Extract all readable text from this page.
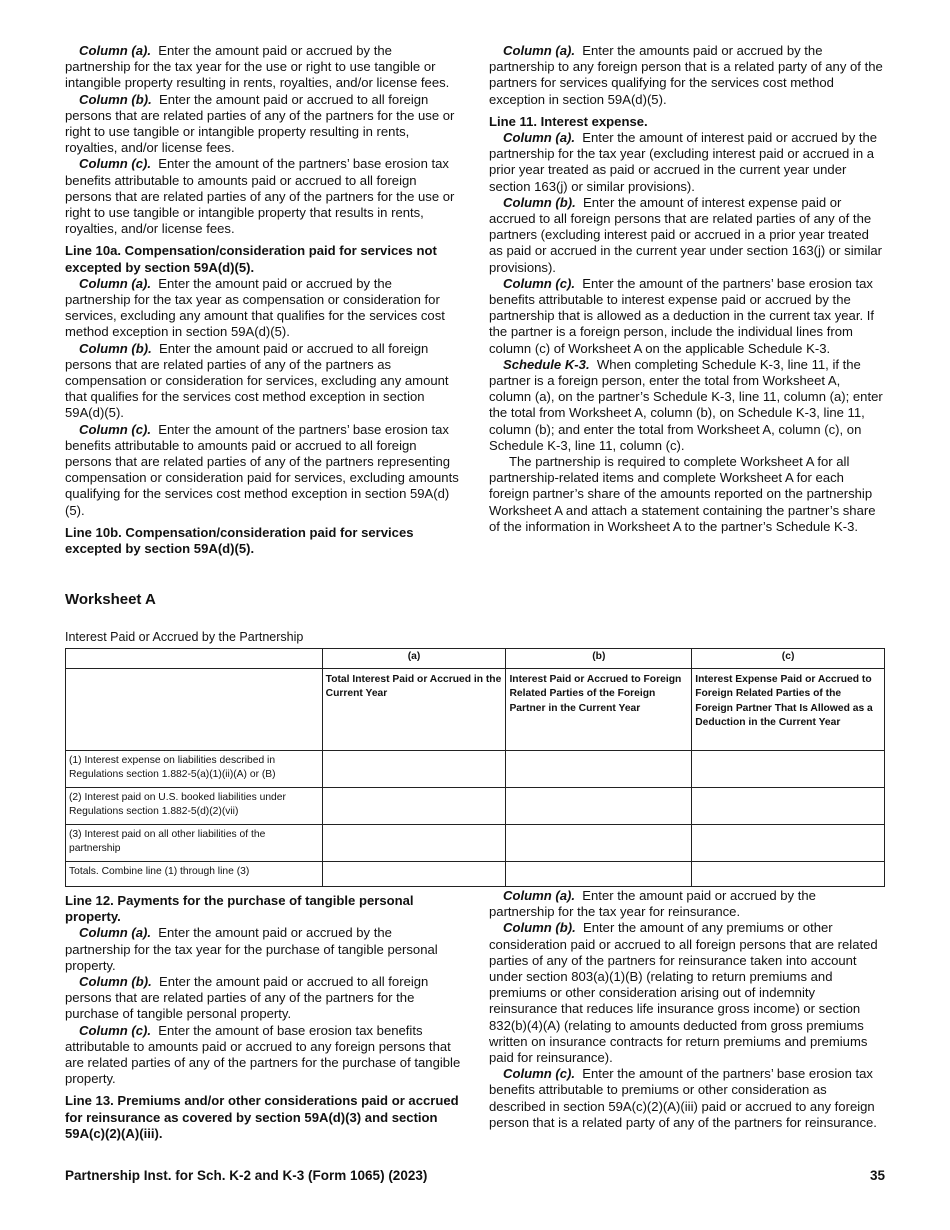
Column (a). Enter the amount paid or accrued by the partnership for the tax year for the use or right to use tangible or intangible property resulting in rents, royalties, and/or license fees.

Column (b). Enter the amount paid or accrued to all foreign persons that are related parties of any of the partners for the use or right to use tangible or intangible property resulting in rents, royalties, and/or license fees.

Column (c). Enter the amount of the partners’ base erosion tax benefits attributable to amounts paid or accrued to all foreign persons that are related parties of any of the partners for the use or right to use tangible or intangible property that results in rents, royalties, and/or license fees.

Line 10a. Compensation/consideration paid for services not excepted by section 59A(d)(5).

Column (a). Enter the amount paid or accrued by the partnership for the tax year as compensation or consideration for services, excluding any amount that qualifies for the services cost method exception in section 59A(d)(5).

Column (b). Enter the amount paid or accrued to all foreign persons that are related parties of any of the partners as compensation or consideration for services, excluding any amount that qualifies for the services cost method exception in section 59A(d)(5).

Column (c). Enter the amount of the partners’ base erosion tax benefits attributable to amounts paid or accrued to all foreign persons that are related parties of any of the partners representing compensation or consideration paid for services, excluding amounts qualifying for the services cost method exception in section 59A(d)(5).

Line 10b. Compensation/consideration paid for services excepted by section 59A(d)(5).

Column (a). Enter the amounts paid or accrued by the partnership to any foreign person that is a related party of any of the partners for services qualifying for the services cost method exception in section 59A(d)(5).

Line 11. Interest expense.

Column (a). Enter the amount of interest paid or accrued by the partnership for the tax year (excluding interest paid or accrued in a prior year treated as paid or accrued in the current year under section 163(j) or similar provisions).

Column (b). Enter the amount of interest expense paid or accrued to all foreign persons that are related parties of any of the partners (excluding interest paid or accrued in a prior year treated as paid or accrued in the current year under section 163(j) or similar provisions).

Column (c). Enter the amount of the partners’ base erosion tax benefits attributable to interest expense paid or accrued by the partnership that is allowed as a deduction in the current tax year. If the partner is a foreign person, include the individual lines from column (c) of Worksheet A on the applicable Schedule K-3.

Schedule K-3. When completing Schedule K-3, line 11, if the partner is a foreign person, enter the total from Worksheet A, column (a), on the partner’s Schedule K-3, line 11, column (a); enter the total from Worksheet A, column (b), on Schedule K-3, line 11, column (b); and enter the total from Worksheet A, column (c), on Schedule K-3, line 11, column (c).

The partnership is required to complete Worksheet A for all partnership-related items and complete Worksheet A for each foreign partner’s share of the amounts reported on the partnership Worksheet A and attach a statement containing the partner’s share of the information in Worksheet A to the partner’s Schedule K-3.

Worksheet A
Interest Paid or Accrued by the Partnership
	(a)	(b)	(c)
	Total Interest Paid or Accrued in the Current Year	Interest Paid or Accrued to Foreign Related Parties of the Foreign Partner in the Current Year	Interest Expense Paid or Accrued to Foreign Related Parties of the Foreign Partner That Is Allowed as a Deduction in the Current Year
(1) Interest expense on liabilities described in Regulations section 1.882-5(a)(1)(ii)(A) or (B)			
(2) Interest paid on U.S. booked liabilities under Regulations section 1.882-5(d)(2)(vii)			
(3) Interest paid on all other liabilities of the partnership			
Totals. Combine line (1) through line (3)			

Line 12. Payments for the purchase of tangible personal property.

Column (a). Enter the amount paid or accrued by the partnership for the tax year for the purchase of tangible personal property.

Column (b). Enter the amount paid or accrued to all foreign persons that are related parties of any of the partners for the purchase of tangible personal property.

Column (c). Enter the amount of base erosion tax benefits attributable to amounts paid or accrued to any foreign persons that are related parties of any of the partners for the purchase of tangible property.

Line 13. Premiums and/or other considerations paid or accrued for reinsurance as covered by section 59A(d)(3) and section 59A(c)(2)(A)(iii).

Column (a). Enter the amount paid or accrued by the partnership for the tax year for reinsurance.

Column (b). Enter the amount of any premiums or other consideration paid or accrued to all foreign persons that are related parties of any of the partners for reinsurance taken into account under section 803(a)(1)(B) (relating to return premiums and premiums or other consideration arising out of indemnity reinsurance that reduces life insurance gross income) or section 832(b)(4)(A) (relating to amounts deducted from gross premiums written on insurance contracts for return premiums and premiums paid for reinsurance).

Column (c). Enter the amount of the partners’ base erosion tax benefits attributable to premiums or other consideration as described in section 59A(c)(2)(A)(iii) paid or accrued to any foreign person that is a related party of any of the partners for reinsurance.

Partnership Inst. for Sch. K-2 and K-3 (Form 1065) (2023)	35
